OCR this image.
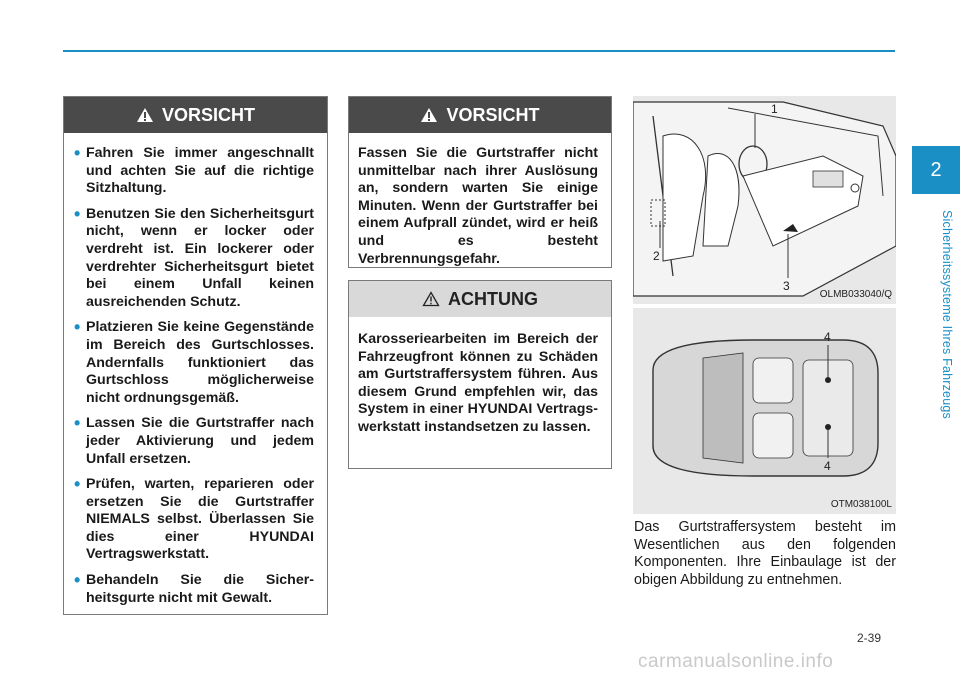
2
Sicherheitssysteme Ihres Fahrzeugs
VORSICHT
• Fahren Sie immer angeschnallt und achten Sie auf die richtige Sitzhaltung.
• Benutzen Sie den Sicherheitsgurt nicht, wenn er locker oder verdreht ist. Ein lockerer oder verdrehter Sicherheitsgurt bietet bei einem Unfall keinen ausreichenden Schutz.
• Platzieren Sie keine Gegenstände im Bereich des Gurtschlosses. Andernfalls funktioniert das Gurtschloss möglicherweise nicht ordnungsgemäß.
• Lassen Sie die Gurtstraffer nach jeder Aktivierung und jedem Unfall ersetzen.
• Prüfen, warten, reparieren oder ersetzen Sie die Gurtstraffer NIEMALS selbst. Überlassen Sie dies einer HYUNDAI Vertragswerkstatt.
• Behandeln Sie die Sicherheitsgurte nicht mit Gewalt.
VORSICHT

Fassen Sie die Gurtstraffer nicht unmittelbar nach ihrer Auslösung an, sondern warten Sie einige Minuten. Wenn der Gurtstraffer bei einem Aufprall zündet, wird er heiß und es besteht Verbrennungsgefahr.

ACHTUNG

Karosseriearbeiten im Bereich der Fahrzeugfront können zu Schäden am Gurtstraffersystem führen. Aus diesem Grund empfehlen wir, das System in einer HYUNDAI Vertragswerkstatt instandsetzen zu lassen.

1
2
3
OLMB033040/Q
4
4
OTM038100L
Das Gurtstraffersystem besteht im Wesentlichen aus den folgenden Komponenten. Ihre Einbaulage ist der obigen Abbildung zu entnehmen.
2-39
carmanualsonline.info
